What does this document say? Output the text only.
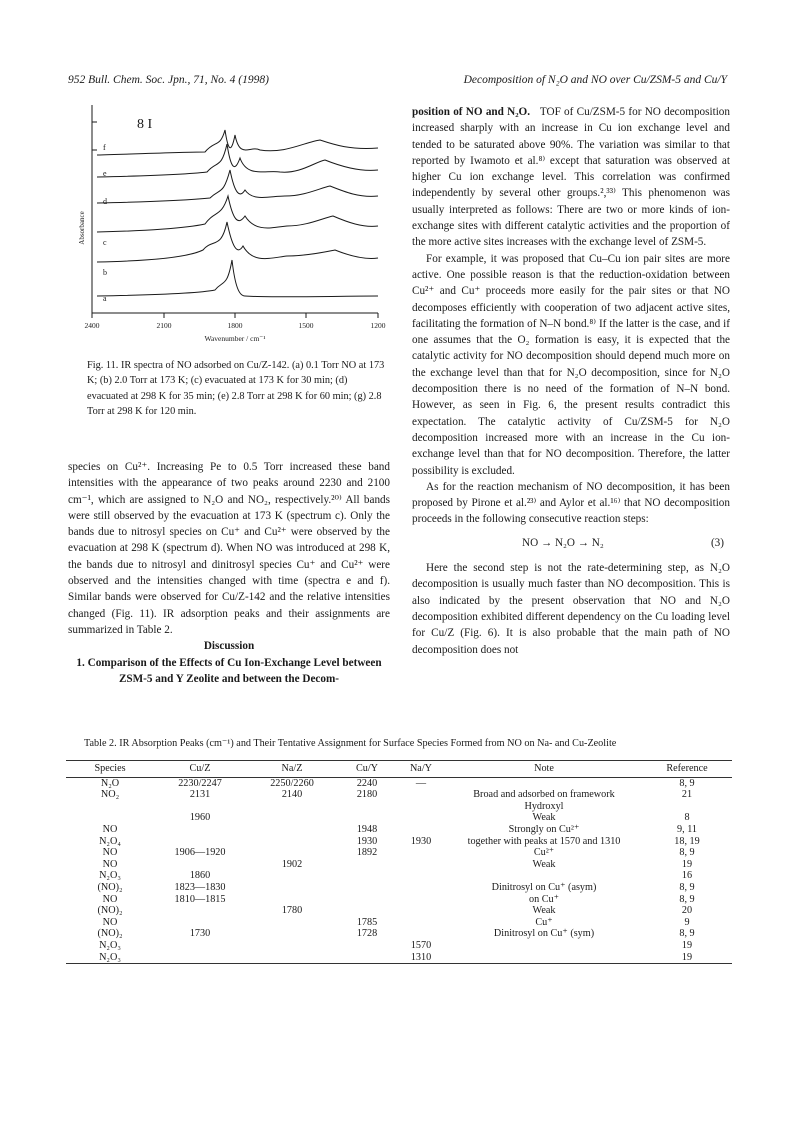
952 Bull. Chem. Soc. Jpn., 71, No. 4 (1998)	Decomposition of N₂O and NO over Cu/ZSM-5 and Cu/Y
f
e
d
c
b
a
8 I
2400	2100	1800	1500	1200
Wavenumber / cm⁻¹
Absorbance
Fig. 11. IR spectra of NO adsorbed on Cu/Z-142. (a) 0.1 Torr NO at 173 K; (b) 2.0 Torr at 173 K; (c) evacuated at 173 K for 30 min; (d) evacuated at 298 K for 35 min; (e) 2.8 Torr at 298 K for 60 min; (g) 2.8 Torr at 298 K for 120 min.

species on Cu²⁺. Increasing Pe to 0.5 Torr increased these band intensities with the appearance of two peaks around 2230 and 2100 cm⁻¹, which are assigned to N₂O and NO₂, respectively.²⁰⁾ All bands were still observed by the evacuation at 173 K (spectrum c). Only the bands due to nitrosyl species on Cu⁺ and Cu²⁺ were observed by the evacuation at 298 K (spectrum d). When NO was introduced at 298 K, the bands due to nitrosyl and dinitrosyl species Cu⁺ and Cu²⁺ were observed and the intensities changed with time (spectra e and f). Similar bands were observed for Cu/Z-142 and the relative intensities changed (Fig. 11). IR adsorption peaks and their assignments are summarized in Table 2.

Discussion

1. Comparison of the Effects of Cu Ion-Exchange Level between ZSM-5 and Y Zeolite and between the Decom-

position of NO and N₂O. TOF of Cu/ZSM-5 for NO decomposition increased sharply with an increase in Cu ion exchange level and tended to be saturated above 90%. The variation was similar to that reported by Iwamoto et al.⁸⁾ except that saturation was observed at higher Cu ion exchange level. This correlation was confirmed independently by several other groups.²,³³⁾ This phenomenon was usually interpreted as follows: There are two or more kinds of ion-exchange sites with different catalytic activities and the proportion of the more active sites increases with the exchange level of ZSM-5.

For example, it was proposed that Cu–Cu ion pair sites are more active. One possible reason is that the reduction-oxidation between Cu²⁺ and Cu⁺ proceeds more easily for the pair sites or that NO decomposes efficiently with cooperation of two adjacent active sites, facilitating the formation of N–N bond.⁸⁾ If the latter is the case, and if one assumes that the O₂ formation is easy, it is expected that the catalytic activity for NO decomposition should depend much more on the exchange level than that for N₂O decomposition, since for N₂O decomposition there is no need of the formation of N–N bond. However, as seen in Fig. 6, the present results contradict this expectation. The catalytic activity of Cu/ZSM-5 for N₂O decomposition increased more with an increase in the Cu ion-exchange level than that for NO decomposition. Therefore, the latter possibility is excluded.

As for the reaction mechanism of NO decomposition, it has been proposed by Pirone et al.²³⁾ and Aylor et al.¹⁶⁾ that NO decomposition proceeds in the following consecutive reaction steps:

NO → N₂O → N₂	(3)

Here the second step is not the rate-determining step, as N₂O decomposition is usually much faster than NO decomposition. This is also indicated by the present observation that NO and N₂O decomposition exhibited different dependency on the Cu loading level for Cu/Z (Fig. 6). It is also probable that the main path of NO decomposition does not

Table 2. IR Absorption Peaks (cm⁻¹) and Their Tentative Assignment for Surface Species Formed from NO on Na- and Cu-Zeolite
Species	Cu/Z	Na/Z	Cu/Y	Na/Y	Note	Reference
N₂O	2230/2247	2250/2260	2240	—		8, 9
NO₂	2131	2140	2180		Broad and adsorbed on framework	21
					Hydroxyl	
	1960				Weak	8
NO			1948		Strongly on Cu²⁺	9, 11
N₂O₄			1930	1930	together with peaks at 1570 and 1310	18, 19
NO	1906—1920		1892		Cu²⁺	8, 9
NO		1902			Weak	19
N₂O₃	1860					16
(NO)₂	1823—1830				Dinitrosyl on Cu⁺ (asym)	8, 9
NO	1810—1815				on Cu⁺	8, 9
(NO)₂		1780			Weak	20
NO			1785		Cu⁺	9
(NO)₂	1730		1728		Dinitrosyl on Cu⁺ (sym)	8, 9
N₂O₃				1570		19
N₂O₃				1310		19
